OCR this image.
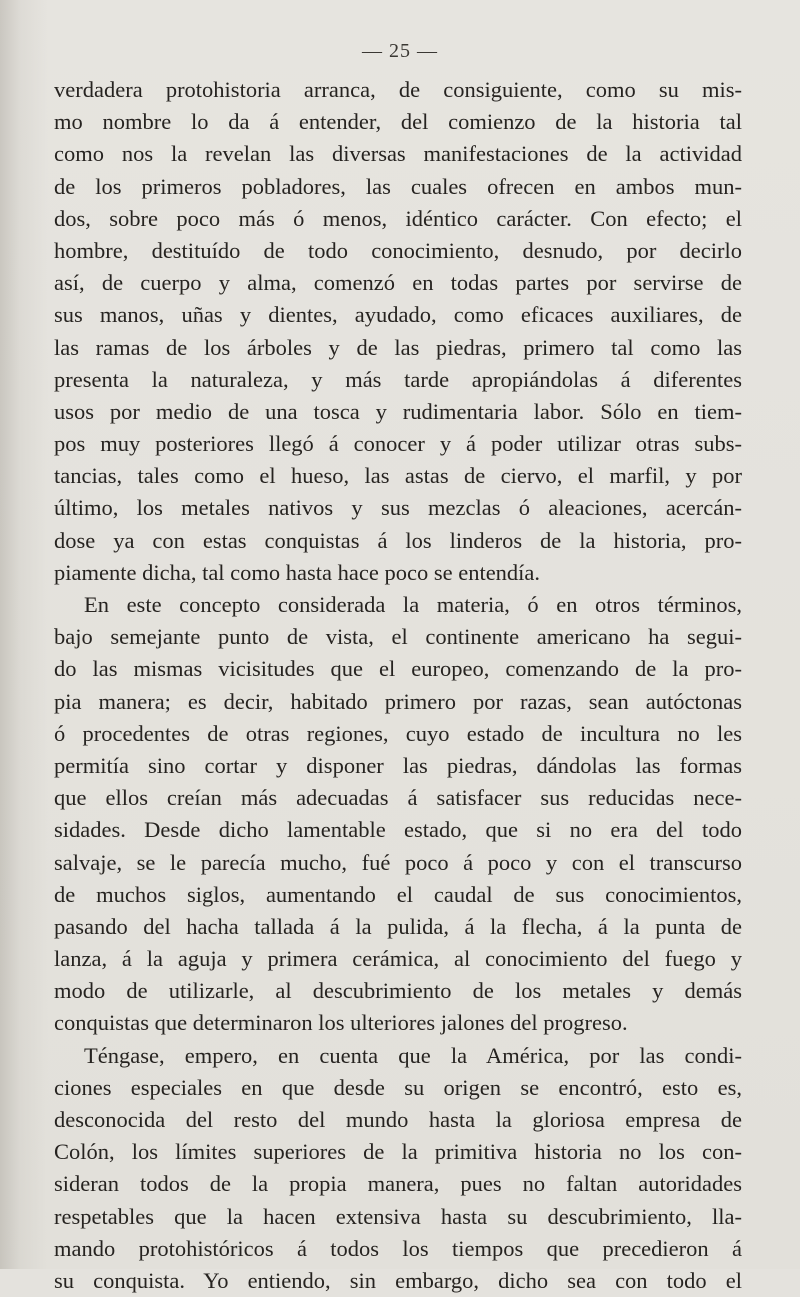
— 25 —
verdadera protohistoria arranca, de consiguiente, como su mis-
mo nombre lo da á entender, del comienzo de la historia tal
como nos la revelan las diversas manifestaciones de la actividad
de los primeros pobladores, las cuales ofrecen en ambos mun-
dos, sobre poco más ó menos, idéntico carácter. Con efecto; el
hombre, destituído de todo conocimiento, desnudo, por decirlo
así, de cuerpo y alma, comenzó en todas partes por servirse de
sus manos, uñas y dientes, ayudado, como eficaces auxiliares, de
las ramas de los árboles y de las piedras, primero tal como las
presenta la naturaleza, y más tarde apropiándolas á diferentes
usos por medio de una tosca y rudimentaria labor. Sólo en tiem-
pos muy posteriores llegó á conocer y á poder utilizar otras subs-
tancias, tales como el hueso, las astas de ciervo, el marfil, y por
último, los metales nativos y sus mezclas ó aleaciones, acercán-
dose ya con estas conquistas á los linderos de la historia, pro-
piamente dicha, tal como hasta hace poco se entendía.
En este concepto considerada la materia, ó en otros términos,
bajo semejante punto de vista, el continente americano ha segui-
do las mismas vicisitudes que el europeo, comenzando de la pro-
pia manera; es decir, habitado primero por razas, sean autóctonas
ó procedentes de otras regiones, cuyo estado de incultura no les
permitía sino cortar y disponer las piedras, dándolas las formas
que ellos creían más adecuadas á satisfacer sus reducidas nece-
sidades. Desde dicho lamentable estado, que si no era del todo
salvaje, se le parecía mucho, fué poco á poco y con el transcurso
de muchos siglos, aumentando el caudal de sus conocimientos,
pasando del hacha tallada á la pulida, á la flecha, á la punta de
lanza, á la aguja y primera cerámica, al conocimiento del fuego y
modo de utilizarle, al descubrimiento de los metales y demás
conquistas que determinaron los ulteriores jalones del progreso.
Téngase, empero, en cuenta que la América, por las condi-
ciones especiales en que desde su origen se encontró, esto es,
desconocida del resto del mundo hasta la gloriosa empresa de
Colón, los límites superiores de la primitiva historia no los con-
sideran todos de la propia manera, pues no faltan autoridades
respetables que la hacen extensiva hasta su descubrimiento, lla-
mando protohistóricos á todos los tiempos que precedieron á
su conquista. Yo entiendo, sin embargo, dicho sea con todo el
